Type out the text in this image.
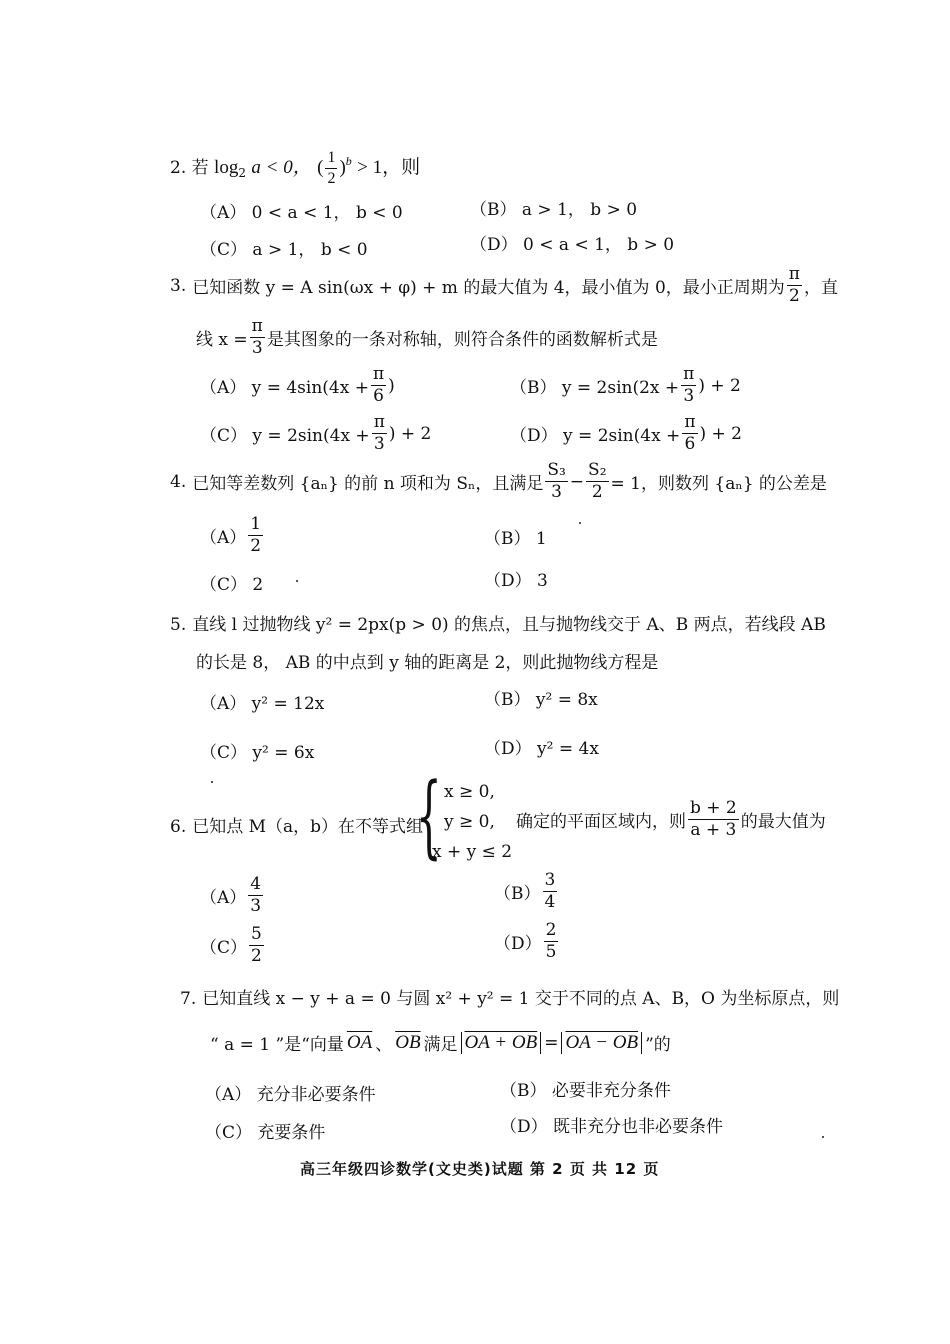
2. 若 $\log_2 a < 0$， ( $\frac{1}{2} )^b > 1$，则
（A） 0 < a < 1， b < 0	（B） a > 1， b > 0
（C） a > 1， b < 0	（D） 0 < a < 1， b > 0
3. 已知函数 y = A sin(ωx + φ) + m 的最大值为 4，最小值为 0，最小正周期为 $\frac{\pi}{2}$ ，直
线 $x = \frac{\pi}{3}$ 是其图象的一条对称轴，则符合条件的函数解析式是
（A） $y = 4\sin(4x + \frac{\pi}{6}$ )	（B） $y = 2\sin(2x + \frac{\pi}{3}$ ) + 2
（C） $y = 2\sin(4x + \frac{\pi}{3}$ ) + 2	（D） $y = 2\sin(4x + \frac{\pi}{6}$ ) + 2
4. 已知等差数列 {aₙ} 的前 n 项和为 Sₙ，且满足 $\frac{\text{S₃}}{3} - \frac{\text{S₂}}{2} = 1$，则数列 {aₙ} 的公差是
$(A) \frac{1}{2}$	（B） 1
（C） 2	（D） 3
5. 直线 l 过抛物线 y² = 2px(p > 0) 的焦点，且与抛物线交于 A、B 两点，若线段 AB
的长是 8， AB 的中点到 y 轴的距离是 2，则此抛物线方程是
（A） y² = 12x	（B） y² = 8x
（C） y² = 6x	（D） y² = 4x
6. 已知点 M（a，b）在不等式组
{ x ≥ 0,
y ≥ 0,
x + y ≤ 2
确定的平面区域内，则 $\frac{b + 2}{a + 3}$ 的最大值为
$(A) \frac{4}{3}$	$(B) \frac{3}{4}$
$(C) \frac{5}{2}$	$(D) \frac{2}{5}$
7. 已知直线 x − y + a = 0 与圆 x² + y² = 1 交于不同的点 A、B，O 为坐标原点，则
“ a = 1 ”是“向量 $\overline{OA}$ 、 $\overline{OB}$ 满足 OA + OB = OA − OB ”的
（A） 充分非必要条件	（B） 必要非充分条件
（C） 充要条件	（D） 既非充分也非必要条件
高三年级四诊数学(文史类)试题 第 2 页 共 12 页
